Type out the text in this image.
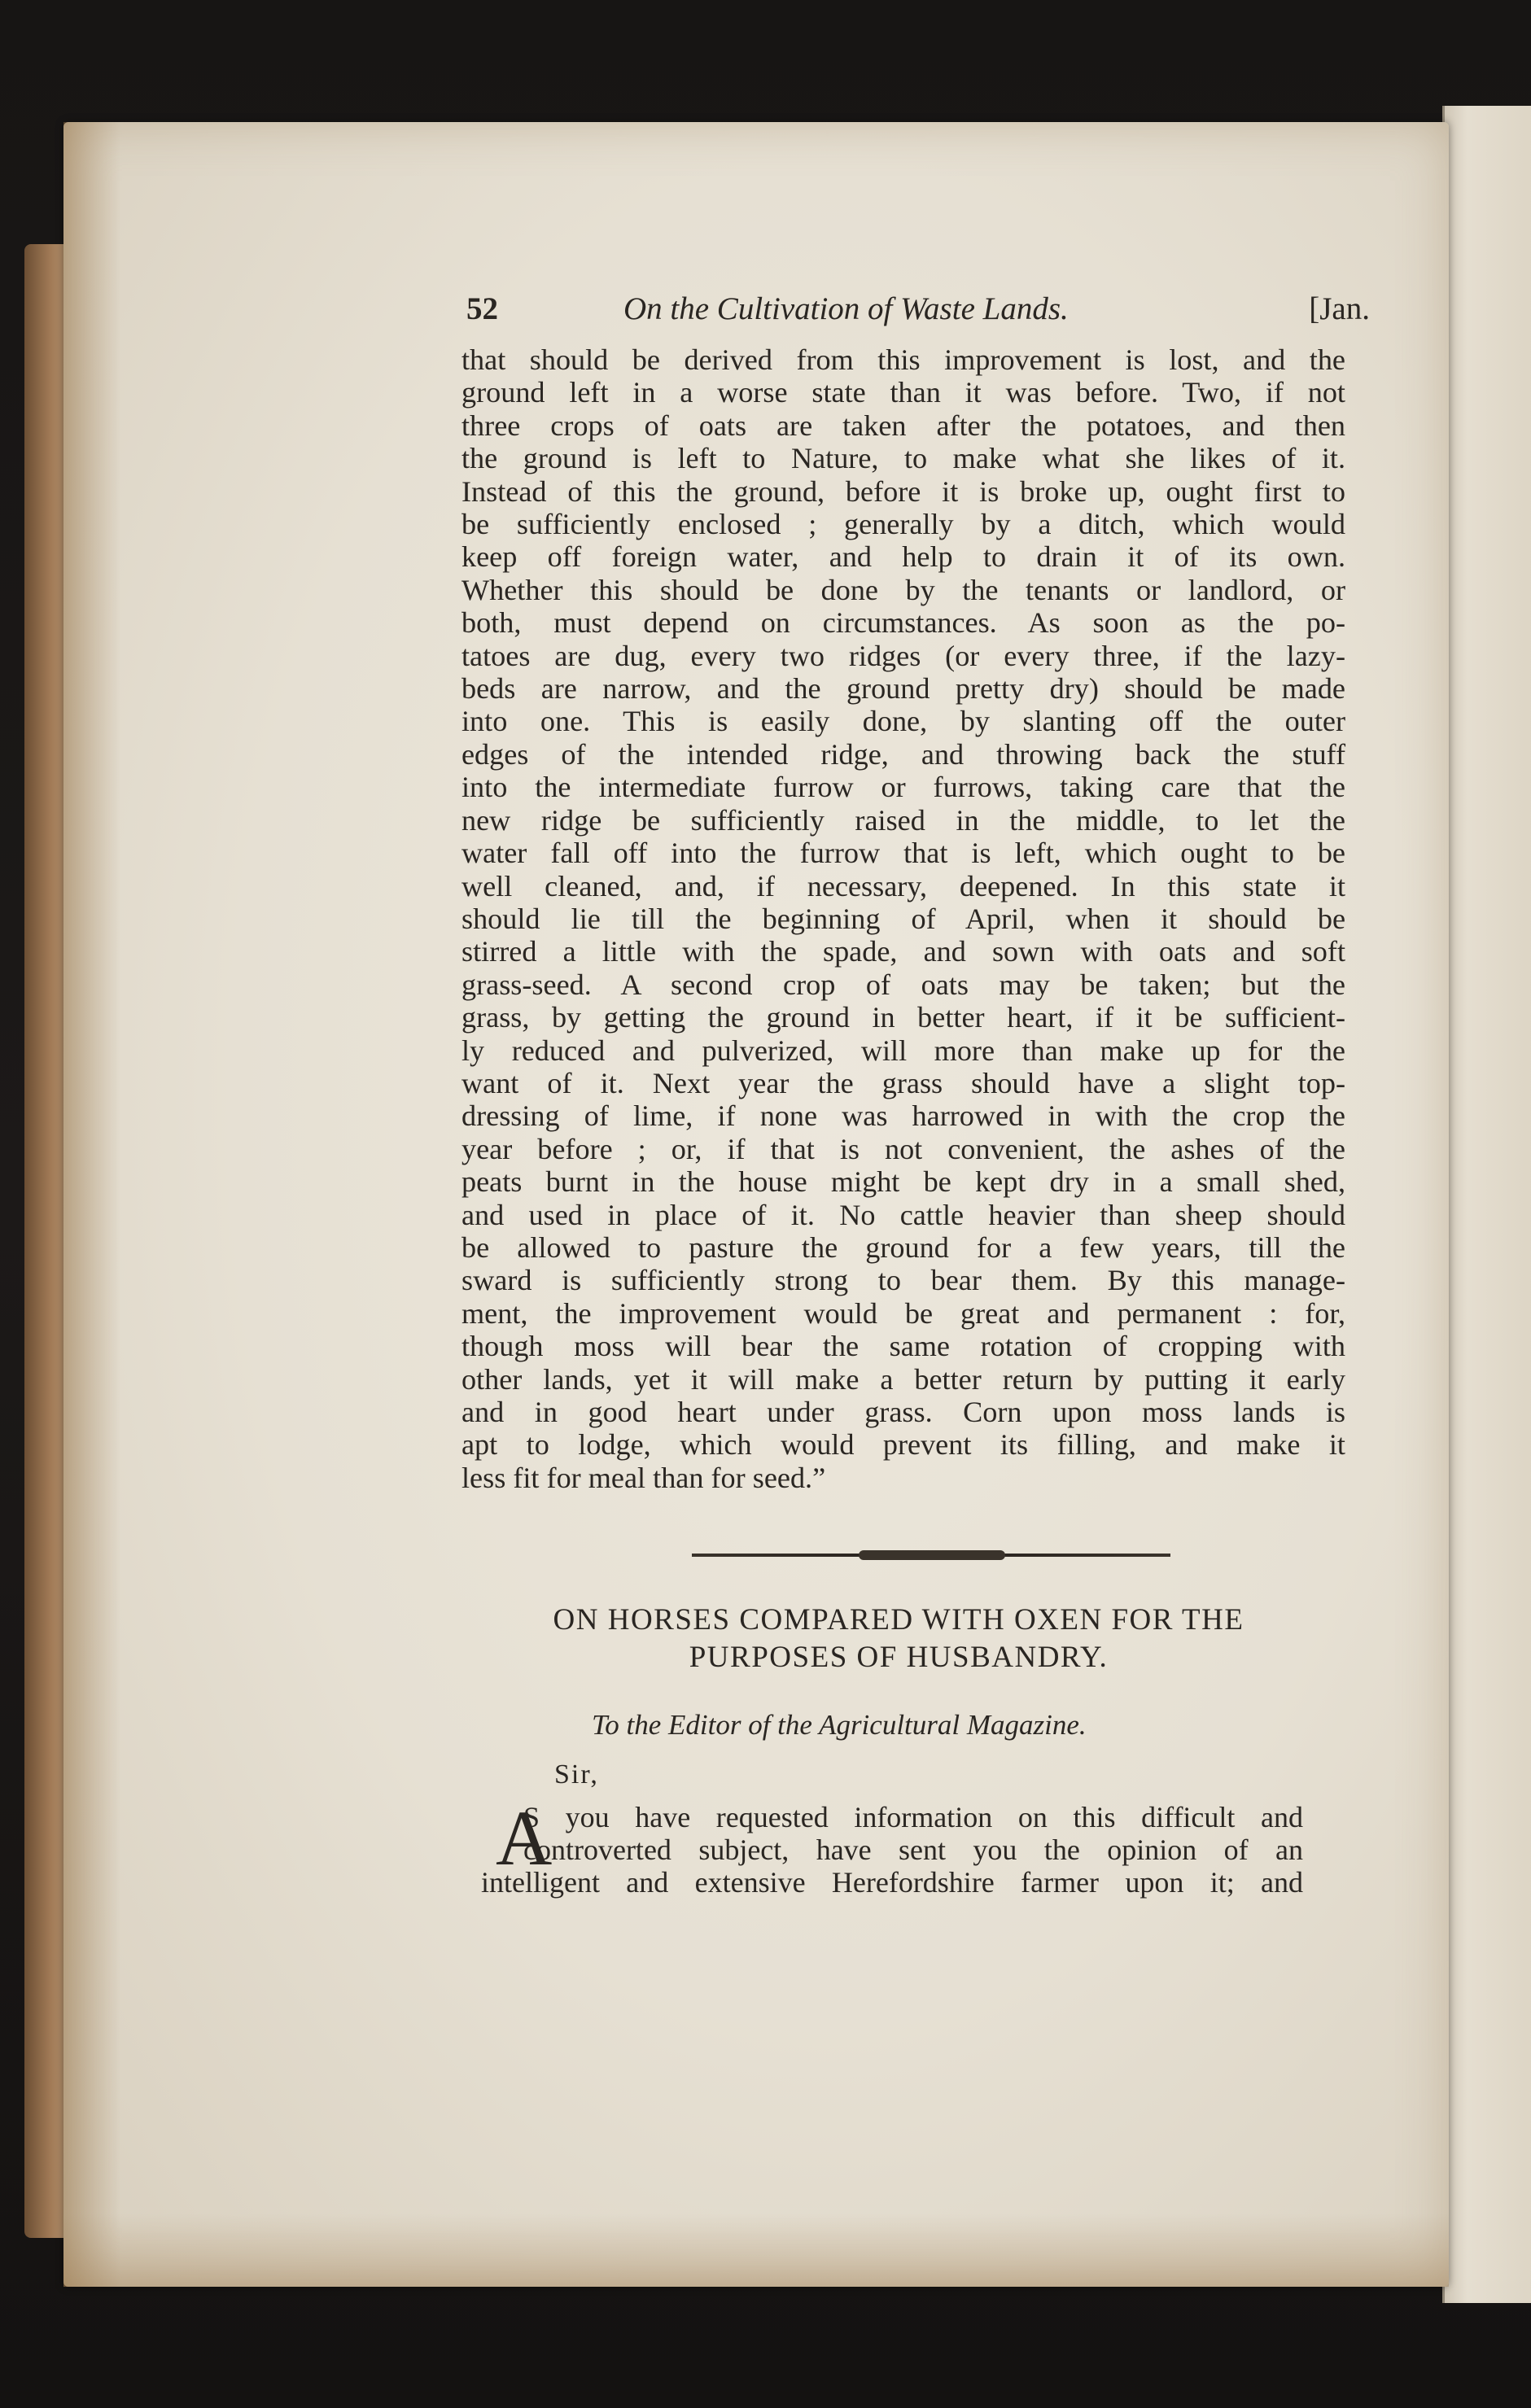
52	On the Cultivation of Waste Lands.	[Jan.
that should be derived from this improvement is lost, and the
ground left in a worse state than it was before. Two, if not
three crops of oats are taken after the potatoes, and then
the ground is left to Nature, to make what she likes of it.
Instead of this the ground, before it is broke up, ought first to
be sufficiently enclosed ; generally by a ditch, which would
keep off foreign water, and help to drain it of its own.
Whether this should be done by the tenants or landlord, or
both, must depend on circumstances. As soon as the po-
tatoes are dug, every two ridges (or every three, if the lazy-
beds are narrow, and the ground pretty dry) should be made
into one. This is easily done, by slanting off the outer
edges of the intended ridge, and throwing back the stuff
into the intermediate furrow or furrows, taking care that the
new ridge be sufficiently raised in the middle, to let the
water fall off into the furrow that is left, which ought to be
well cleaned, and, if necessary, deepened. In this state it
should lie till the beginning of April, when it should be
stirred a little with the spade, and sown with oats and soft
grass-seed. A second crop of oats may be taken; but the
grass, by getting the ground in better heart, if it be sufficient-
ly reduced and pulverized, will more than make up for the
want of it. Next year the grass should have a slight top-
dressing of lime, if none was harrowed in with the crop the
year before ; or, if that is not convenient, the ashes of the
peats burnt in the house might be kept dry in a small shed,
and used in place of it. No cattle heavier than sheep should
be allowed to pasture the ground for a few years, till the
sward is sufficiently strong to bear them. By this manage-
ment, the improvement would be great and permanent : for,
though moss will bear the same rotation of cropping with
other lands, yet it will make a better return by putting it early
and in good heart under grass. Corn upon moss lands is
apt to lodge, which would prevent its filling, and make it
less fit for meal than for seed.”
ON HORSES COMPARED WITH OXEN FOR THE
PURPOSES OF HUSBANDRY.
To the Editor of the Agricultural Magazine.
Sir,
A
S you have requested information on this difficult and
controverted subject, have sent you the opinion of an
intelligent and extensive Herefordshire farmer upon it; and
